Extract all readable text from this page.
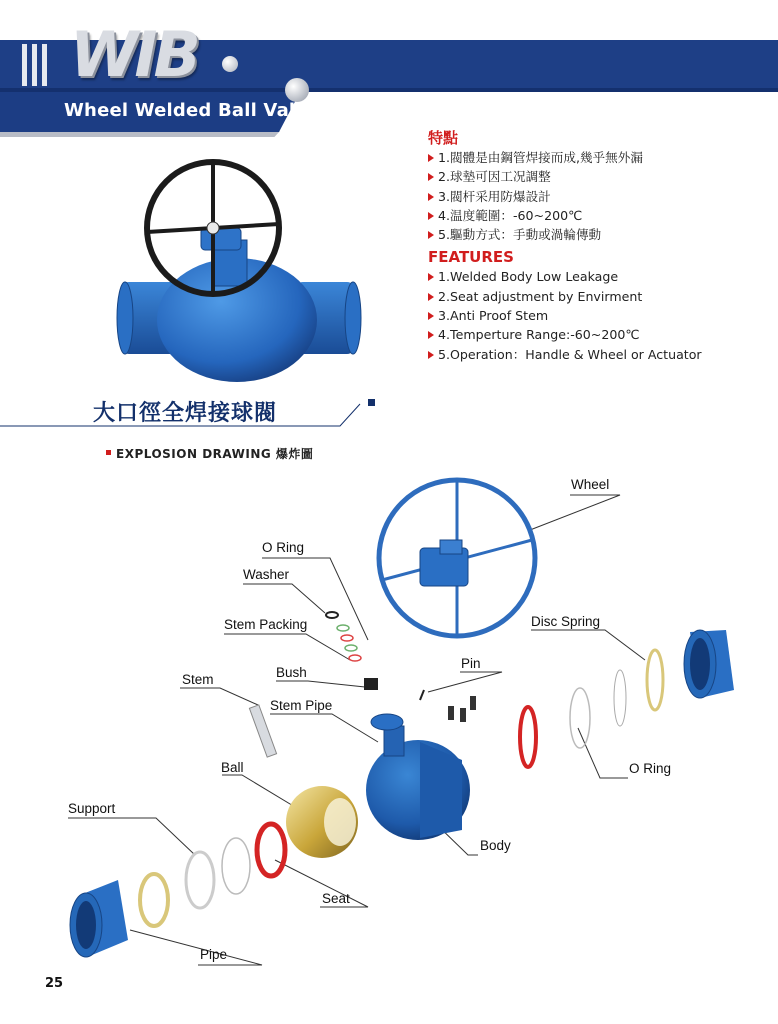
WIB
Wheel Welded Ball Valve
特點
1.閥體是由鋼管焊接而成,幾乎無外漏
2.球墊可因工况調整
3.閥杆采用防爆設計
4.温度範圍：-60~200℃
5.驅動方式：手動或渦輪傳動
FEATURES
1.Welded Body Low Leakage
2.Seat adjustment by Envirment
3.Anti Proof Stem
4.Temperture Range:-60~200℃
5.Operation：Handle & Wheel or Actuator
大口徑全焊接球閥
EXPLOSION DRAWING 爆炸圖
Wheel
O Ring
Washer
Stem Packing
Bush
Pin
Disc Spring
Stem
Stem Pipe
Ball
Support
O Ring
Body
Seat
Pipe
25
